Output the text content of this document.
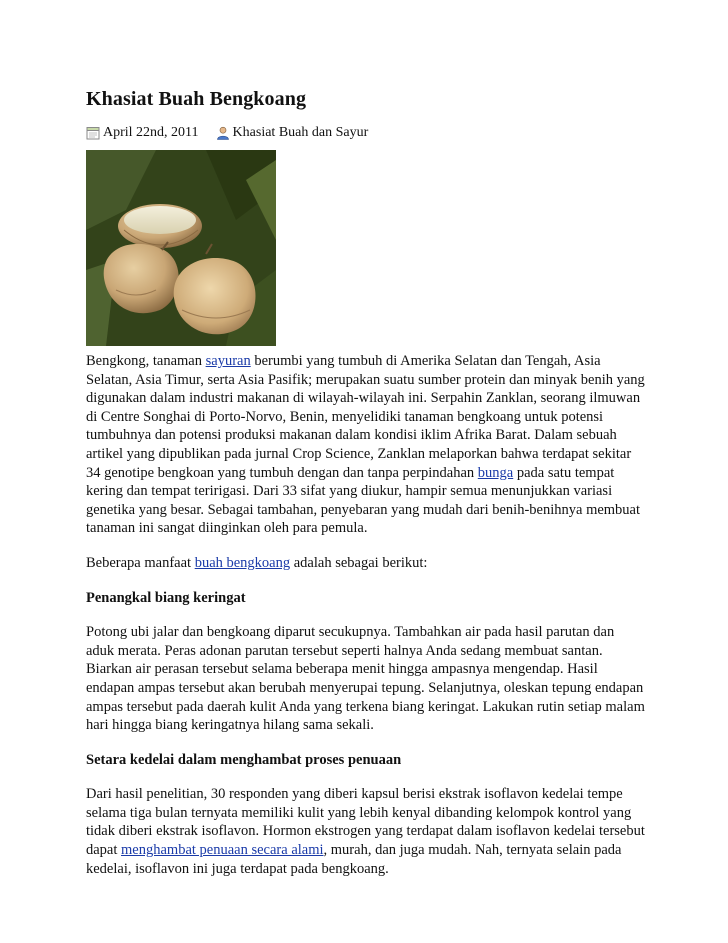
Khasiat Buah Bengkoang
April 22nd, 2011 Khasiat Buah dan Sayur

Bengkong, tanaman sayuran berumbi yang tumbuh di Amerika Selatan dan Tengah, Asia Selatan, Asia Timur, serta Asia Pasifik; merupakan suatu sumber protein dan minyak benih yang digunakan dalam industri makanan di wilayah-wilayah ini. Serpahin Zanklan, seorang ilmuwan di Centre Songhai di Porto-Norvo, Benin, menyelidiki tanaman bengkoang untuk potensi tumbuhnya dan potensi produksi makanan dalam kondisi iklim Afrika Barat. Dalam sebuah artikel yang dipublikan pada jurnal Crop Science, Zanklan melaporkan bahwa terdapat sekitar 34 genotipe bengkoan yang tumbuh dengan dan tanpa perpindahan bunga pada satu tempat kering dan tempat teririgasi. Dari 33 sifat yang diukur, hampir semua menunjukkan variasi genetika yang besar. Sebagai tambahan, penyebaran yang mudah dari benih-benihnya membuat tanaman ini sangat diinginkan oleh para pemula.

Beberapa manfaat buah bengkoang adalah sebagai berikut:

Penangkal biang keringat

Potong ubi jalar dan bengkoang diparut secukupnya. Tambahkan air pada hasil parutan dan aduk merata. Peras adonan parutan tersebut seperti halnya Anda sedang membuat santan. Biarkan air perasan tersebut selama beberapa menit hingga ampasnya mengendap. Hasil endapan ampas tersebut akan berubah menyerupai tepung. Selanjutnya, oleskan tepung endapan ampas tersebut pada daerah kulit Anda yang terkena biang keringat. Lakukan rutin setiap malam hari hingga biang keringatnya hilang sama sekali.

Setara kedelai dalam menghambat proses penuaan

Dari hasil penelitian, 30 responden yang diberi kapsul berisi ekstrak isoflavon kedelai tempe selama tiga bulan ternyata memiliki kulit yang lebih kenyal dibanding kelompok kontrol yang tidak diberi ekstrak isoflavon. Hormon ekstrogen yang terdapat dalam isoflavon kedelai tersebut dapat menghambat penuaan secara alami, murah, dan juga mudah. Nah, ternyata selain pada kedelai, isoflavon ini juga terdapat pada bengkoang.
